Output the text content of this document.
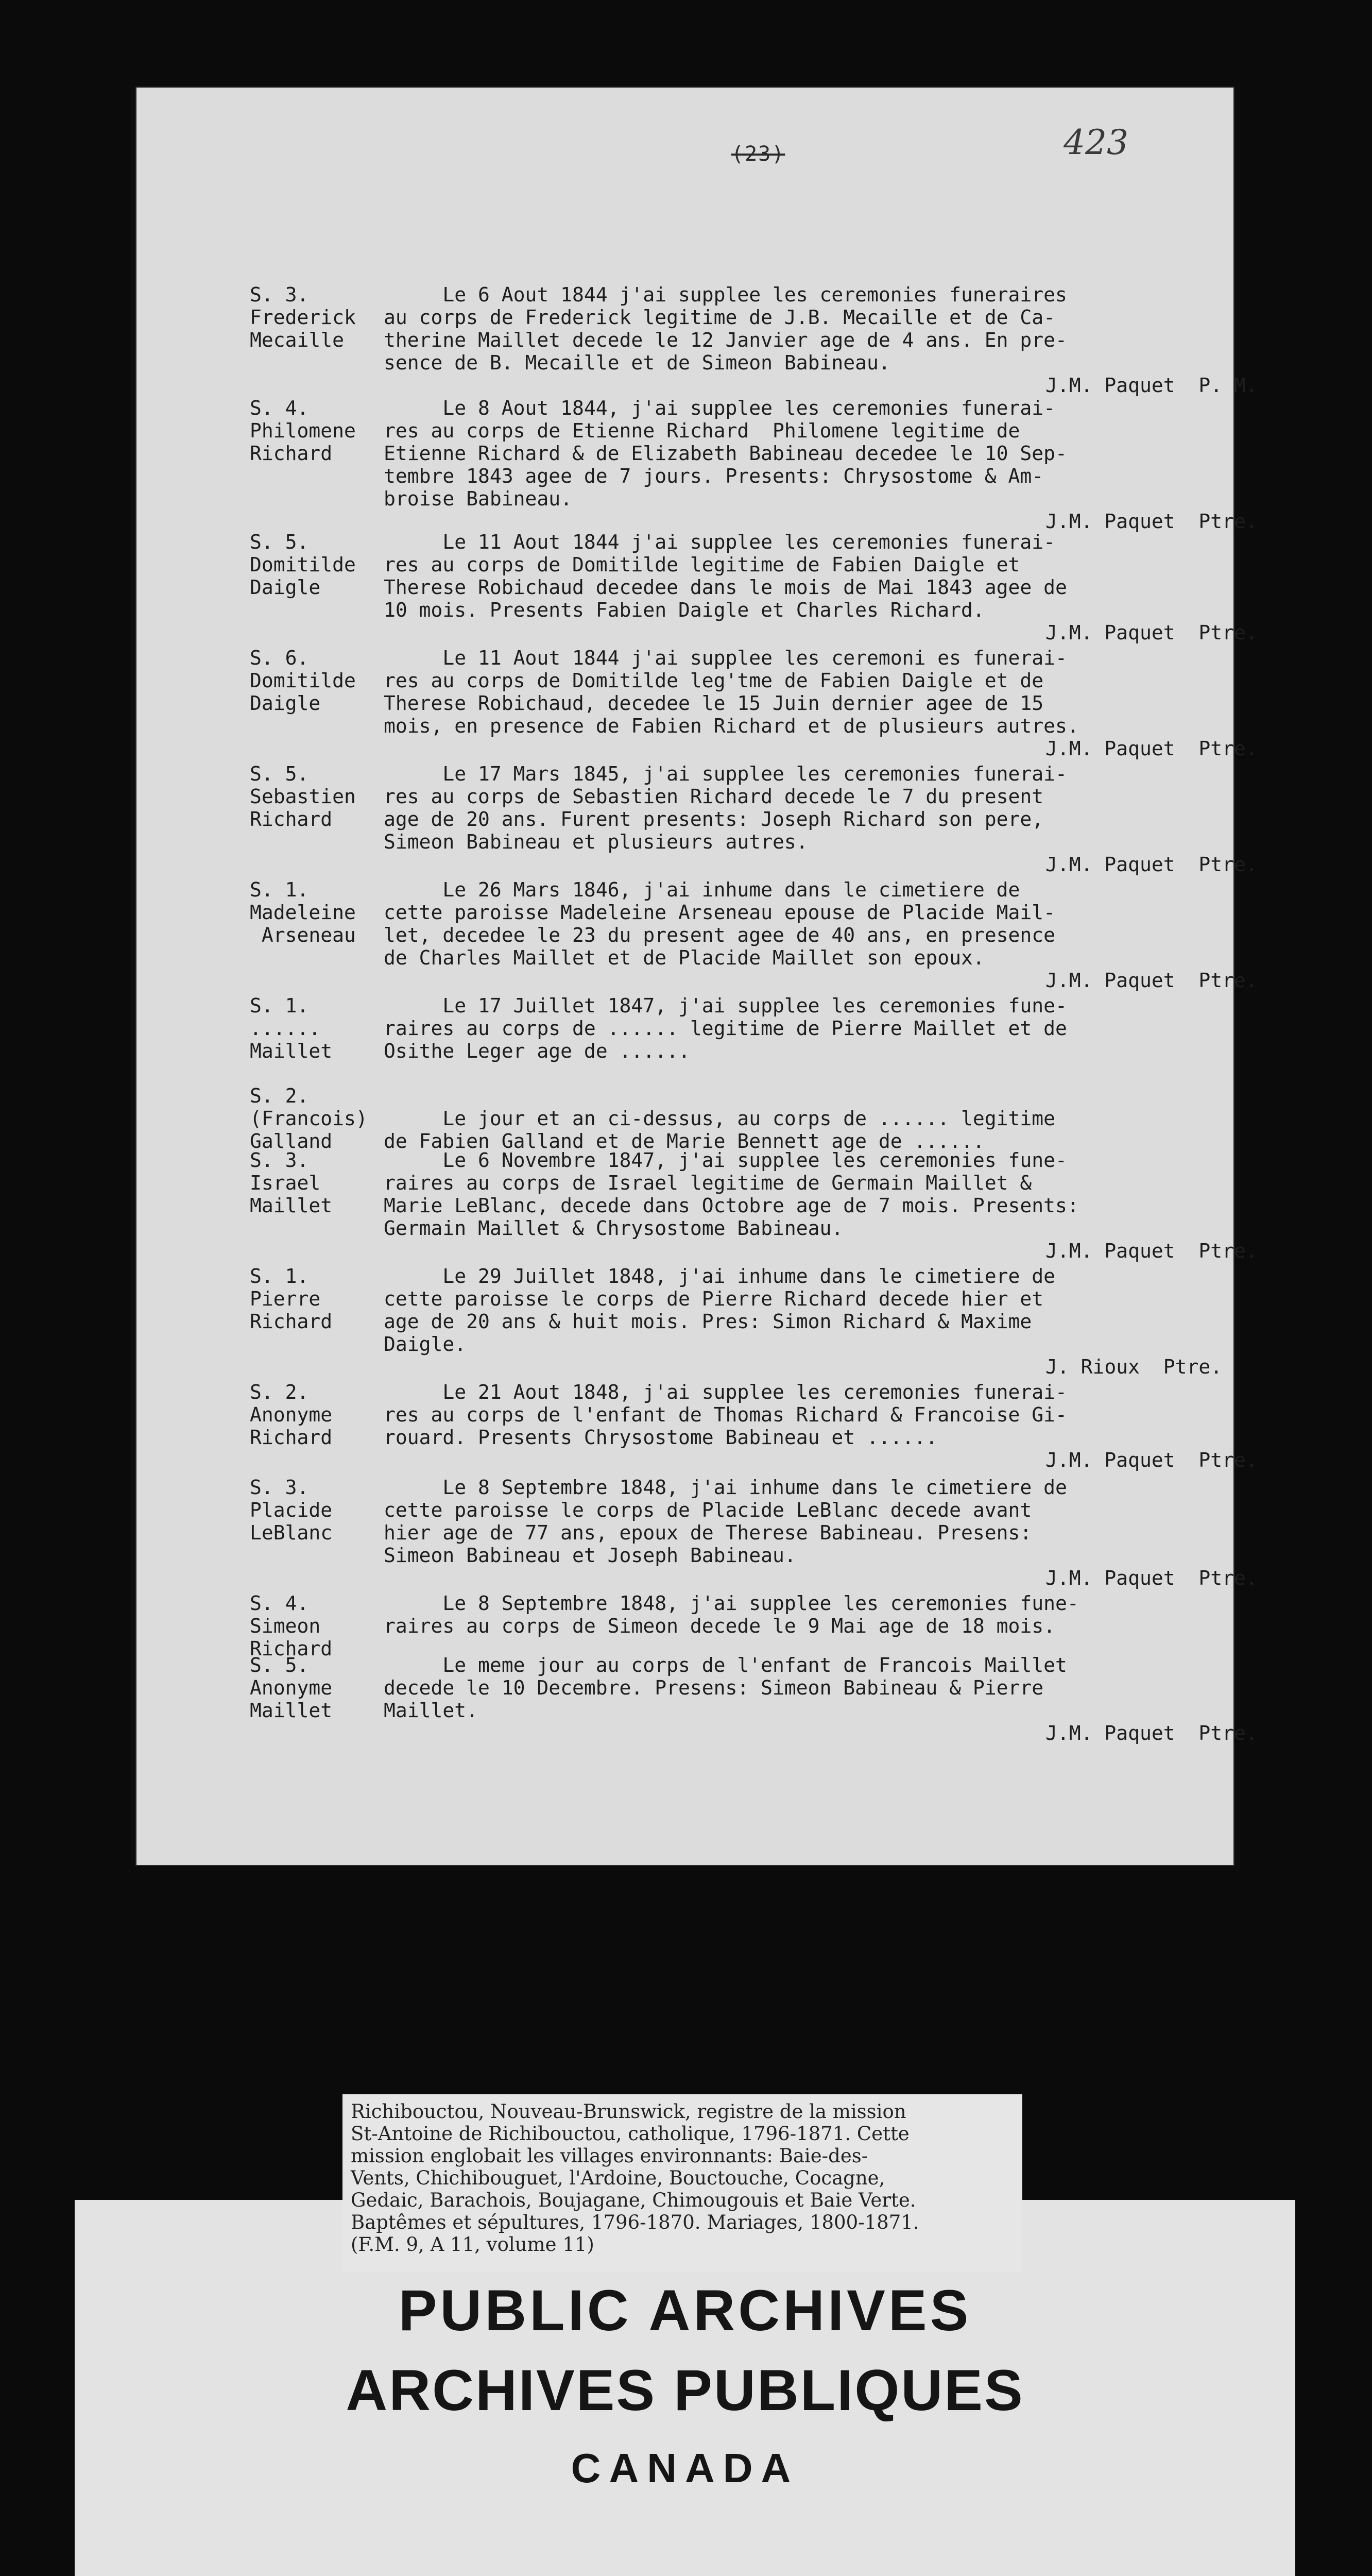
(23)	423
S. 3.
Frederick
Mecaille
Le 6 Aout 1844 j'ai supplee les ceremonies funeraires
au corps de Frederick legitime de J.B. Mecaille et de Ca-
therine Maillet decede le 12 Janvier age de 4 ans. En pre-
sence de B. Mecaille et de Simeon Babineau.
J.M. Paquet  P. M.
S. 4.
Philomene
Richard
Le 8 Aout 1844, j'ai supplee les ceremonies funerai-
res au corps de Etienne Richard  Philomene legitime de
Etienne Richard & de Elizabeth Babineau decedee le 10 Sep-
tembre 1843 agee de 7 jours. Presents: Chrysostome & Am-
broise Babineau.
J.M. Paquet  Ptre.
S. 5.
Domitilde
Daigle
Le 11 Aout 1844 j'ai supplee les ceremonies funerai-
res au corps de Domitilde legitime de Fabien Daigle et
Therese Robichaud decedee dans le mois de Mai 1843 agee de
10 mois. Presents Fabien Daigle et Charles Richard.
J.M. Paquet  Ptre.
S. 6.
Domitilde
Daigle
Le 11 Aout 1844 j'ai supplee les ceremoni es funerai-
res au corps de Domitilde leg'tme de Fabien Daigle et de
Therese Robichaud, decedee le 15 Juin dernier agee de 15
mois, en presence de Fabien Richard et de plusieurs autres.
J.M. Paquet  Ptre.
S. 5.
Sebastien
Richard
Le 17 Mars 1845, j'ai supplee les ceremonies funerai-
res au corps de Sebastien Richard decede le 7 du present
age de 20 ans. Furent presents: Joseph Richard son pere,
Simeon Babineau et plusieurs autres.
J.M. Paquet  Ptre.
S. 1.
Madeleine
Arseneau
Le 26 Mars 1846, j'ai inhume dans le cimetiere de
cette paroisse Madeleine Arseneau epouse de Placide Mail-
let, decedee le 23 du present agee de 40 ans, en presence
de Charles Maillet et de Placide Maillet son epoux.
J.M. Paquet  Ptre.
S. 1.
......
Maillet
Le 17 Juillet 1847, j'ai supplee les ceremonies fune-
raires au corps de ...... legitime de Pierre Maillet et de
Osithe Leger age de ......
S. 2.
(Francois)
Galland
Le jour et an ci-dessus, au corps de ...... legitime
de Fabien Galland et de Marie Bennett age de ......
S. 3.
Israel
Maillet
Le 6 Novembre 1847, j'ai supplee les ceremonies fune-
raires au corps de Israel legitime de Germain Maillet &
Marie LeBlanc, decede dans Octobre age de 7 mois. Presents:
Germain Maillet & Chrysostome Babineau.
J.M. Paquet  Ptre.
S. 1.
Pierre
Richard
Le 29 Juillet 1848, j'ai inhume dans le cimetiere de
cette paroisse le corps de Pierre Richard decede hier et
age de 20 ans & huit mois. Pres: Simon Richard & Maxime
Daigle.
J. Rioux  Ptre.
S. 2.
Anonyme
Richard
Le 21 Aout 1848, j'ai supplee les ceremonies funerai-
res au corps de l'enfant de Thomas Richard & Francoise Gi-
rouard. Presents Chrysostome Babineau et ......
J.M. Paquet  Ptre.
S. 3.
Placide
LeBlanc
Le 8 Septembre 1848, j'ai inhume dans le cimetiere de
cette paroisse le corps de Placide LeBlanc decede avant
hier age de 77 ans, epoux de Therese Babineau. Presens:
Simeon Babineau et Joseph Babineau.
J.M. Paquet  Ptre.
S. 4.
Simeon
Richard
Le 8 Septembre 1848, j'ai supplee les ceremonies fune-
raires au corps de Simeon decede le 9 Mai age de 18 mois.
S. 5.
Anonyme
Maillet
Le meme jour au corps de l'enfant de Francois Maillet
decede le 10 Decembre. Presens: Simeon Babineau & Pierre
Maillet.
J.M. Paquet  Ptre.
PUBLIC ARCHIVES
ARCHIVES PUBLIQUES
CANADA
Richibouctou, Nouveau-Brunswick, registre de la mission
St-Antoine de Richibouctou, catholique, 1796-1871. Cette
mission englobait les villages environnants: Baie-des-
Vents, Chichibouguet, l'Ardoine, Bouctouche, Cocagne,
Gedaic, Barachois, Boujagane, Chimougouis et Baie Verte.
Baptêmes et sépultures, 1796-1870. Mariages, 1800-1871.
(F.M. 9, A 11, volume 11)
